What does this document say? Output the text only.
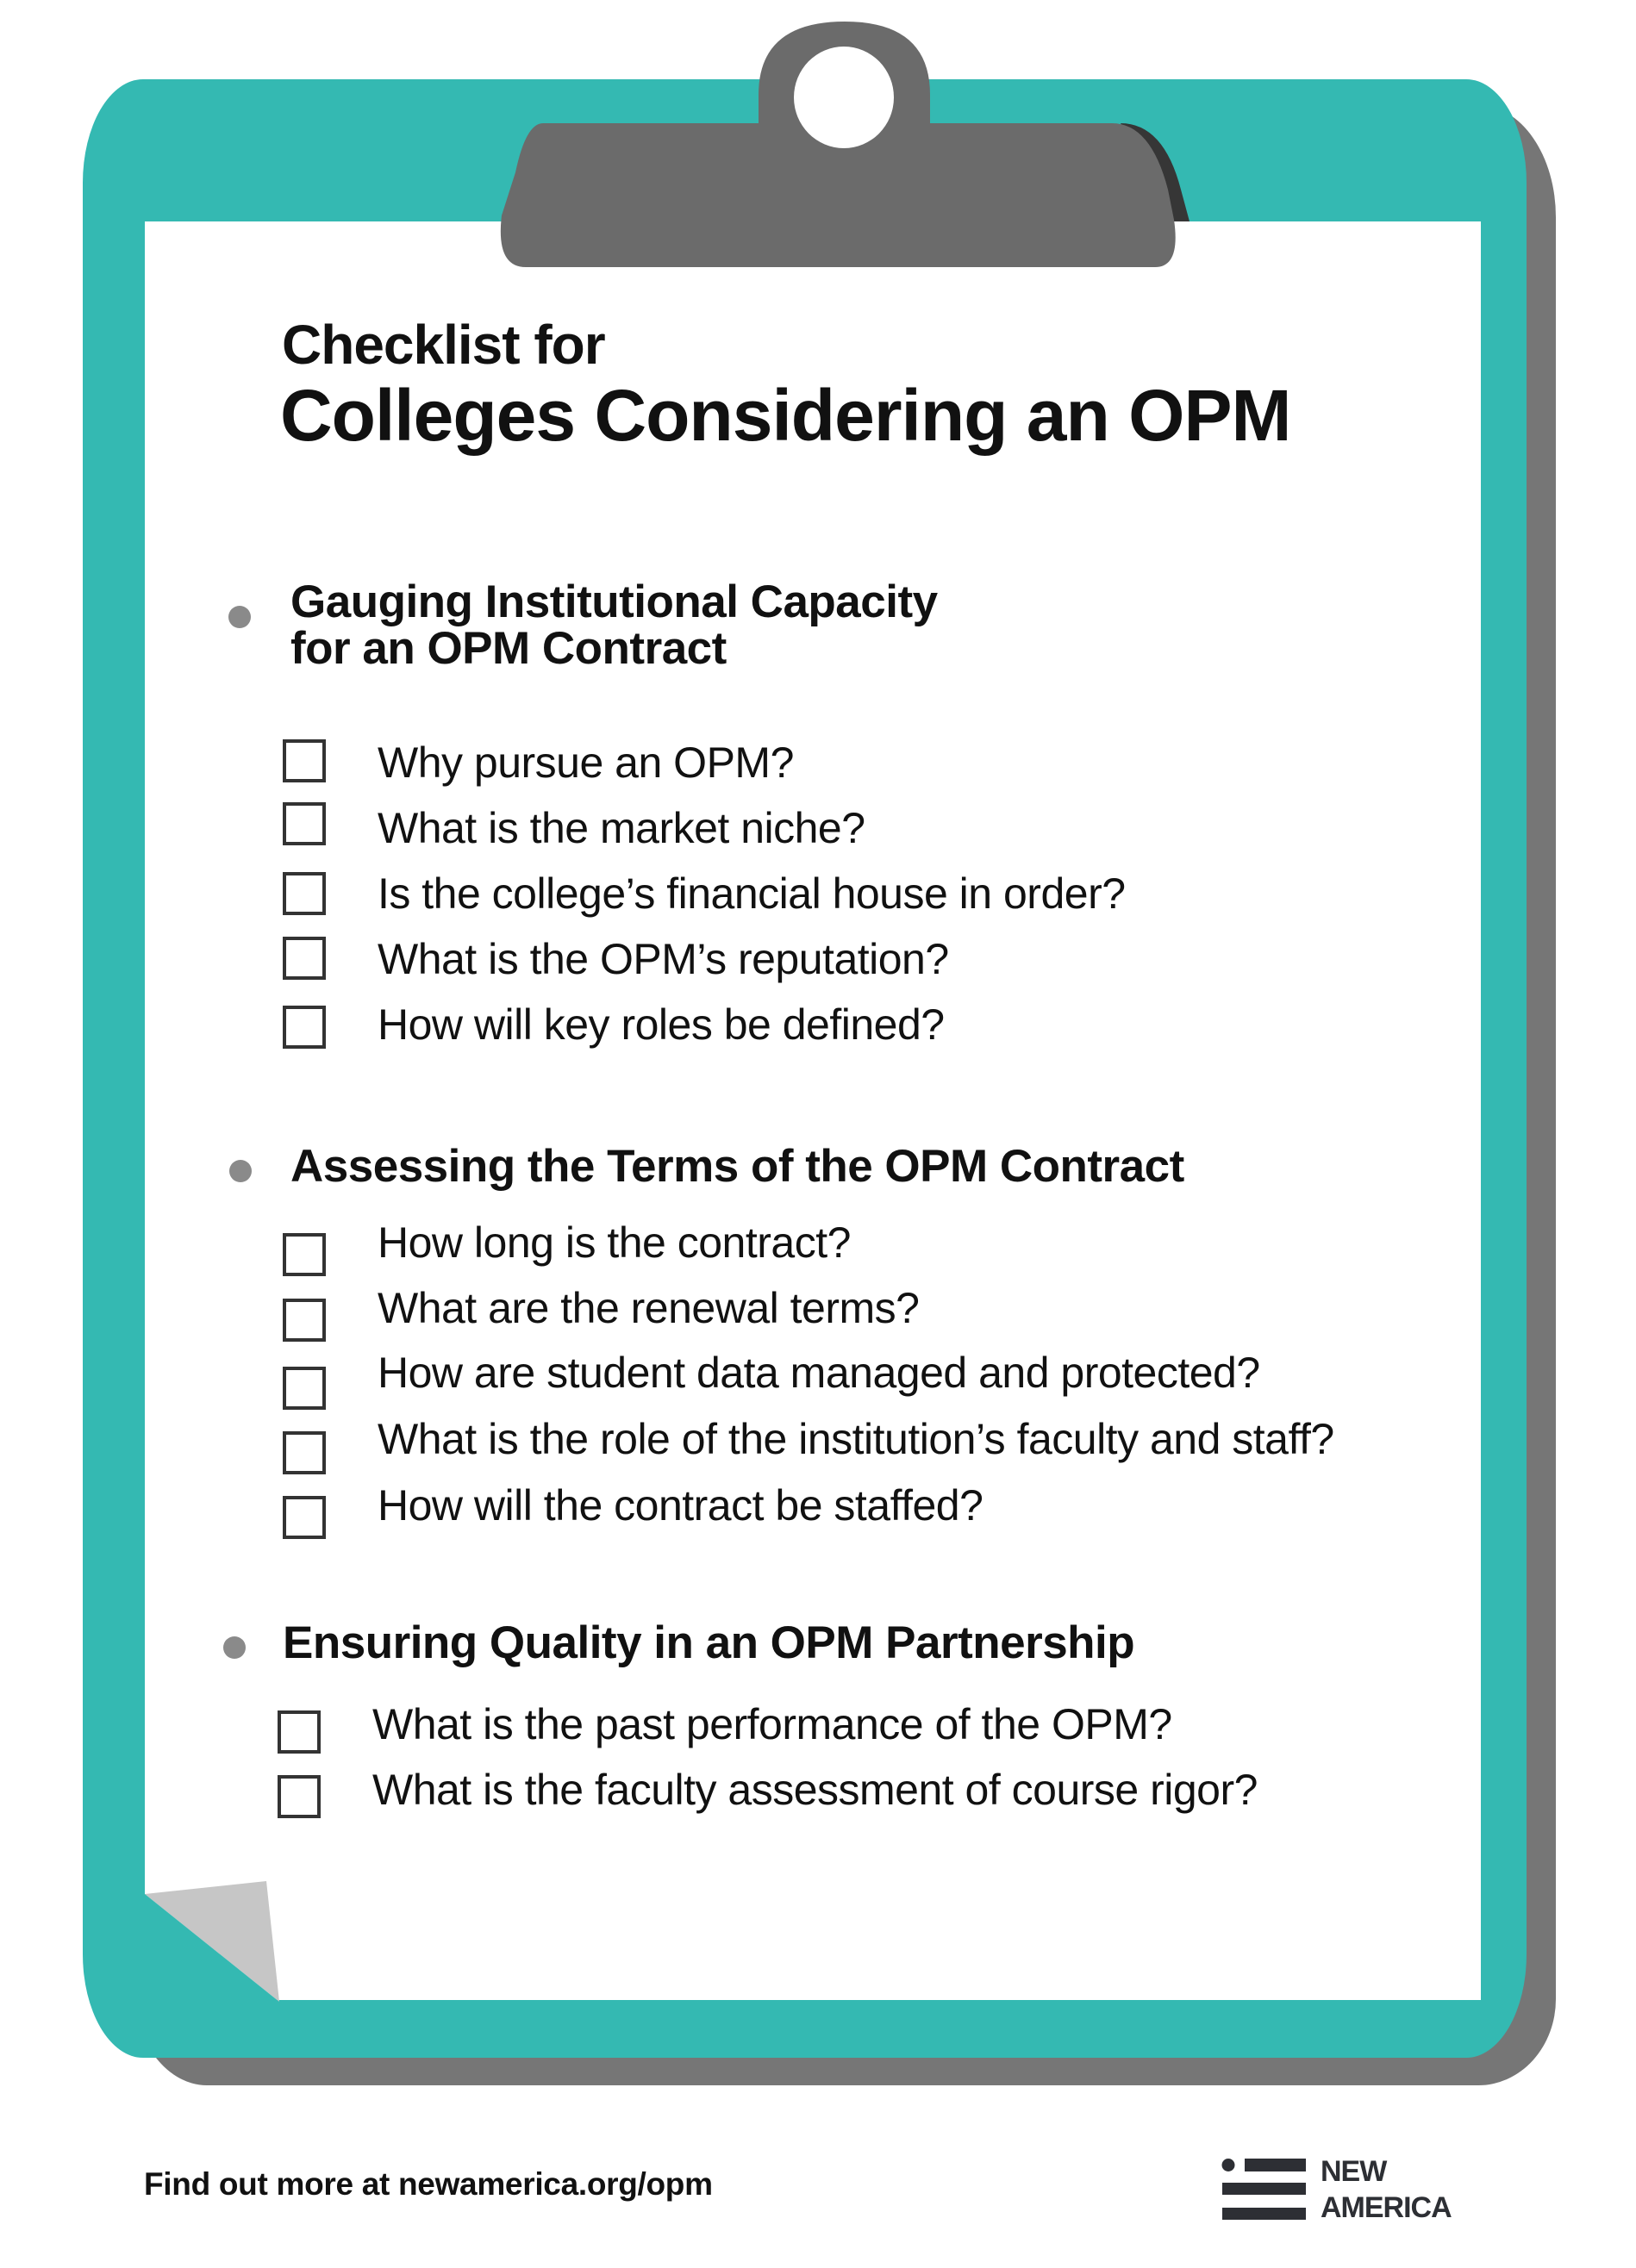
Checklist for
Colleges Considering an OPM
Gauging Institutional Capacity
for an OPM Contract
Why pursue an OPM?
What is the market niche?
Is the college’s financial house in order?
What is the OPM’s reputation?
How will key roles be defined?
Assessing the Terms of the OPM Contract
How long is the contract?
What are the renewal terms?
How are student data managed and protected?
What is the role of the institution’s faculty and staff?
How will the contract be staffed?
Ensuring Quality in an OPM Partnership
What is the past performance of the OPM?
What is the faculty assessment of course rigor?
Find out more at newamerica.org/opm	NEW
AMERICA
